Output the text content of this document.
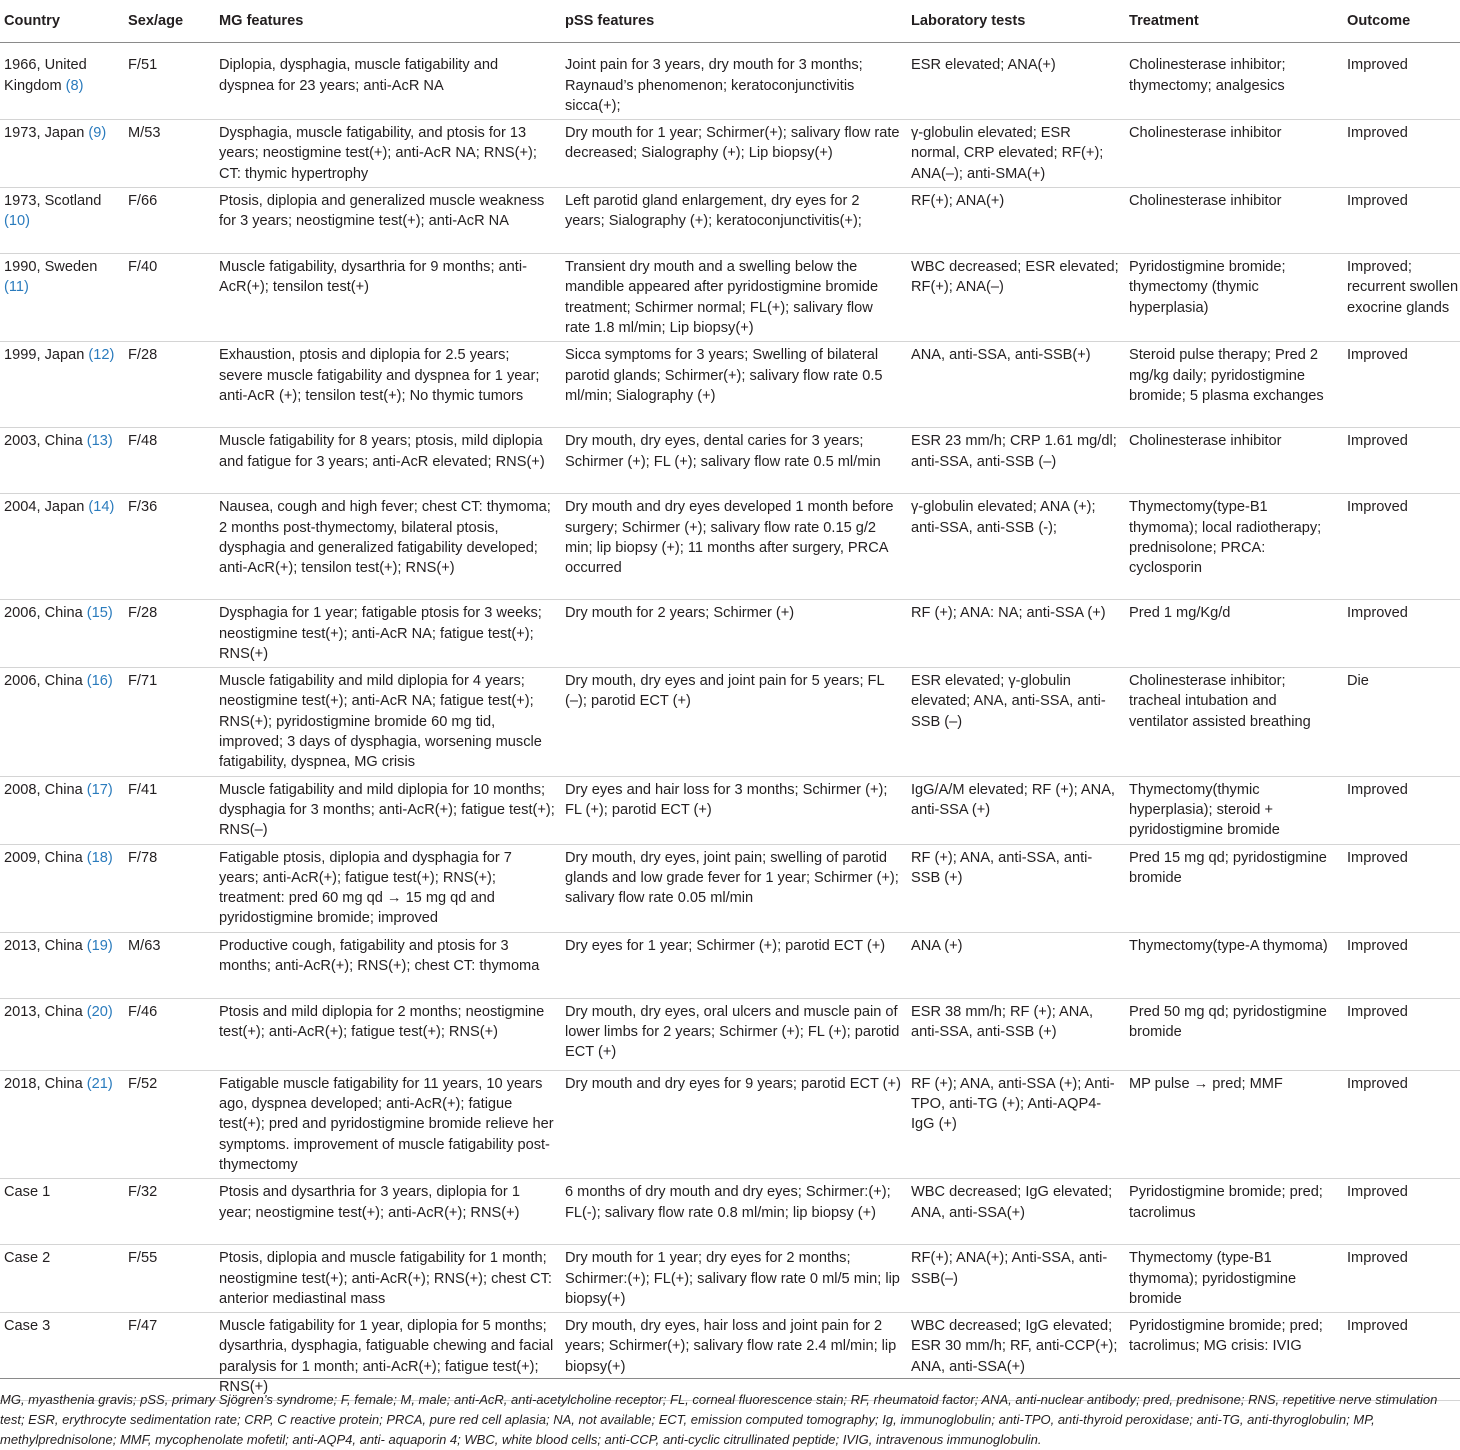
Country	Sex/age	MG features	pSS features	Laboratory tests	Treatment	Outcome
1966, United Kingdom (8)	F/51	Diplopia, dysphagia, muscle fatigability and dyspnea for 23 years; anti-AcR NA	Joint pain for 3 years, dry mouth for 3 months; Raynaud’s phenomenon; keratoconjunctivitis sicca(+);	ESR elevated; ANA(+)	Cholinesterase inhibitor; thymectomy; analgesics	Improved
1973, Japan (9)	M/53	Dysphagia, muscle fatigability, and ptosis for 13 years; neostigmine test(+); anti-AcR NA; RNS(+); CT: thymic hypertrophy	Dry mouth for 1 year; Schirmer(+); salivary flow rate decreased; Sialography (+); Lip biopsy(+)	γ-globulin elevated; ESR normal, CRP elevated; RF(+); ANA(–); anti-SMA(+)	Cholinesterase inhibitor	Improved
1973, Scotland (10)	F/66	Ptosis, diplopia and generalized muscle weakness for 3 years; neostigmine test(+); anti-AcR NA	Left parotid gland enlargement, dry eyes for 2 years; Sialography (+); keratoconjunctivitis(+);	RF(+); ANA(+)	Cholinesterase inhibitor	Improved
1990, Sweden (11)	F/40	Muscle fatigability, dysarthria for 9 months; anti-AcR(+); tensilon test(+)	Transient dry mouth and a swelling below the mandible appeared after pyridostigmine bromide treatment; Schirmer normal; FL(+); salivary flow rate 1.8 ml/min; Lip biopsy(+)	WBC decreased; ESR elevated; RF(+); ANA(–)	Pyridostigmine bromide; thymectomy (thymic hyperplasia)	Improved; recurrent swollen exocrine glands
1999, Japan (12)	F/28	Exhaustion, ptosis and diplopia for 2.5 years; severe muscle fatigability and dyspnea for 1 year; anti-AcR (+); tensilon test(+); No thymic tumors	Sicca symptoms for 3 years; Swelling of bilateral parotid glands; Schirmer(+); salivary flow rate 0.5 ml/min; Sialography (+)	ANA, anti-SSA, anti-SSB(+)	Steroid pulse therapy; Pred 2 mg/kg daily; pyridostigmine bromide; 5 plasma exchanges	Improved
2003, China (13)	F/48	Muscle fatigability for 8 years; ptosis, mild diplopia and fatigue for 3 years; anti-AcR elevated; RNS(+)	Dry mouth, dry eyes, dental caries for 3 years; Schirmer (+); FL (+); salivary flow rate 0.5 ml/min	ESR 23 mm/h; CRP 1.61 mg/dl; anti-SSA, anti-SSB (–)	Cholinesterase inhibitor	Improved
2004, Japan (14)	F/36	Nausea, cough and high fever; chest CT: thymoma; 2 months post-thymectomy, bilateral ptosis, dysphagia and generalized fatigability developed; anti-AcR(+); tensilon test(+); RNS(+)	Dry mouth and dry eyes developed 1 month before surgery; Schirmer (+); salivary flow rate 0.15 g/2 min; lip biopsy (+); 11 months after surgery, PRCA occurred	γ-globulin elevated; ANA (+); anti-SSA, anti-SSB (-);	Thymectomy(type-B1 thymoma); local radiotherapy; prednisolone; PRCA: cyclosporin	Improved
2006, China (15)	F/28	Dysphagia for 1 year; fatigable ptosis for 3 weeks; neostigmine test(+); anti-AcR NA; fatigue test(+); RNS(+)	Dry mouth for 2 years; Schirmer (+)	RF (+); ANA: NA; anti-SSA (+)	Pred 1 mg/Kg/d	Improved
2006, China (16)	F/71	Muscle fatigability and mild diplopia for 4 years; neostigmine test(+); anti-AcR NA; fatigue test(+); RNS(+); pyridostigmine bromide 60 mg tid, improved; 3 days of dysphagia, worsening muscle fatigability, dyspnea, MG crisis	Dry mouth, dry eyes and joint pain for 5 years; FL (–); parotid ECT (+)	ESR elevated; γ-globulin elevated; ANA, anti-SSA, anti-SSB (–)	Cholinesterase inhibitor; tracheal intubation and ventilator assisted breathing	Die
2008, China (17)	F/41	Muscle fatigability and mild diplopia for 10 months; dysphagia for 3 months; anti-AcR(+); fatigue test(+); RNS(–)	Dry eyes and hair loss for 3 months; Schirmer (+); FL (+); parotid ECT (+)	IgG/A/M elevated; RF (+); ANA, anti-SSA (+)	Thymectomy(thymic hyperplasia); steroid + pyridostigmine bromide	Improved
2009, China (18)	F/78	Fatigable ptosis, diplopia and dysphagia for 7 years; anti-AcR(+); fatigue test(+); RNS(+); treatment: pred 60 mg qd → 15 mg qd and pyridostigmine bromide; improved	Dry mouth, dry eyes, joint pain; swelling of parotid glands and low grade fever for 1 year; Schirmer (+); salivary flow rate 0.05 ml/min	RF (+); ANA, anti-SSA, anti-SSB (+)	Pred 15 mg qd; pyridostigmine bromide	Improved
2013, China (19)	M/63	Productive cough, fatigability and ptosis for 3 months; anti-AcR(+); RNS(+); chest CT: thymoma	Dry eyes for 1 year; Schirmer (+); parotid ECT (+)	ANA (+)	Thymectomy(type-A thymoma)	Improved
2013, China (20)	F/46	Ptosis and mild diplopia for 2 months; neostigmine test(+); anti-AcR(+); fatigue test(+); RNS(+)	Dry mouth, dry eyes, oral ulcers and muscle pain of lower limbs for 2 years; Schirmer (+); FL (+); parotid ECT (+)	ESR 38 mm/h; RF (+); ANA, anti-SSA, anti-SSB (+)	Pred 50 mg qd; pyridostigmine bromide	Improved
2018, China (21)	F/52	Fatigable muscle fatigability for 11 years, 10 years ago, dyspnea developed; anti-AcR(+); fatigue test(+); pred and pyridostigmine bromide relieve her symptoms. improvement of muscle fatigability post-thymectomy	Dry mouth and dry eyes for 9 years; parotid ECT (+)	RF (+); ANA, anti-SSA (+); Anti-TPO, anti-TG (+); Anti-AQP4-IgG (+)	MP pulse → pred; MMF	Improved
Case 1	F/32	Ptosis and dysarthria for 3 years, diplopia for 1 year; neostigmine test(+); anti-AcR(+); RNS(+)	6 months of dry mouth and dry eyes; Schirmer:(+); FL(-); salivary flow rate 0.8 ml/min; lip biopsy (+)	WBC decreased; IgG elevated; ANA, anti-SSA(+)	Pyridostigmine bromide; pred; tacrolimus	Improved
Case 2	F/55	Ptosis, diplopia and muscle fatigability for 1 month; neostigmine test(+); anti-AcR(+); RNS(+); chest CT: anterior mediastinal mass	Dry mouth for 1 year; dry eyes for 2 months; Schirmer:(+); FL(+); salivary flow rate 0 ml/5 min; lip biopsy(+)	RF(+); ANA(+); Anti-SSA, anti-SSB(–)	Thymectomy (type-B1 thymoma); pyridostigmine bromide	Improved
Case 3	F/47	Muscle fatigability for 1 year, diplopia for 5 months; dysarthria, dysphagia, fatiguable chewing and facial paralysis for 1 month; anti-AcR(+); fatigue test(+); RNS(+)	Dry mouth, dry eyes, hair loss and joint pain for 2 years; Schirmer(+); salivary flow rate 2.4 ml/min; lip biopsy(+)	WBC decreased; IgG elevated; ESR 30 mm/h; RF, anti-CCP(+); ANA, anti-SSA(+)	Pyridostigmine bromide; pred; tacrolimus; MG crisis: IVIG	Improved
MG, myasthenia gravis; pSS, primary Sjögren’s syndrome; F, female; M, male; anti-AcR, anti-acetylcholine receptor; FL, corneal fluorescence stain; RF, rheumatoid factor; ANA, anti-nuclear antibody; pred, prednisone; RNS, repetitive nerve stimulation test; ESR, erythrocyte sedimentation rate; CRP, C reactive protein; PRCA, pure red cell aplasia; NA, not available; ECT, emission computed tomography; Ig, immunoglobulin; anti-TPO, anti-thyroid peroxidase; anti-TG, anti-thyroglobulin; MP, methylprednisolone; MMF, mycophenolate mofetil; anti-AQP4, anti- aquaporin 4; WBC, white blood cells; anti-CCP, anti-cyclic citrullinated peptide; IVIG, intravenous immunoglobulin.
